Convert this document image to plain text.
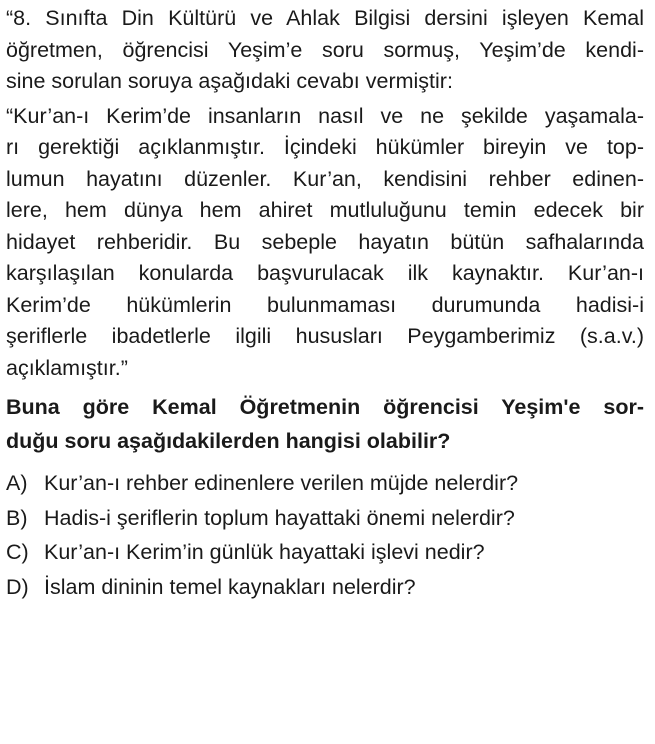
“8. Sınıfta Din Kültürü ve Ahlak Bilgisi dersini işleyen Kemal
öğretmen, öğrencisi Yeşim’e soru sormuş, Yeşim’de kendi-
sine sorulan soruya aşağıdaki cevabı vermiştir:
“Kur’an-ı Kerim’de insanların nasıl ve ne şekilde yaşamala-
rı gerektiği açıklanmıştır. İçindeki hükümler bireyin ve top-
lumun hayatını düzenler. Kur’an, kendisini rehber edinen-
lere, hem dünya hem ahiret mutluluğunu temin edecek bir
hidayet rehberidir. Bu sebeple hayatın bütün safhalarında
karşılaşılan konularda başvurulacak ilk kaynaktır. Kur’an-ı
Kerim’de hükümlerin bulunmaması durumunda hadisi-i
şeriflerle ibadetlerle ilgili hususları Peygamberimiz (s.a.v.)
açıklamıştır.”
Buna göre Kemal Öğretmenin öğrencisi Yeşim'e sor-
duğu soru aşağıdakilerden hangisi olabilir?
A) Kur’an-ı rehber edinenlere verilen müjde nelerdir?
B) Hadis-i şeriflerin toplum hayattaki önemi nelerdir?
C) Kur’an-ı Kerim’in günlük hayattaki işlevi nedir?
D) İslam dininin temel kaynakları nelerdir?
